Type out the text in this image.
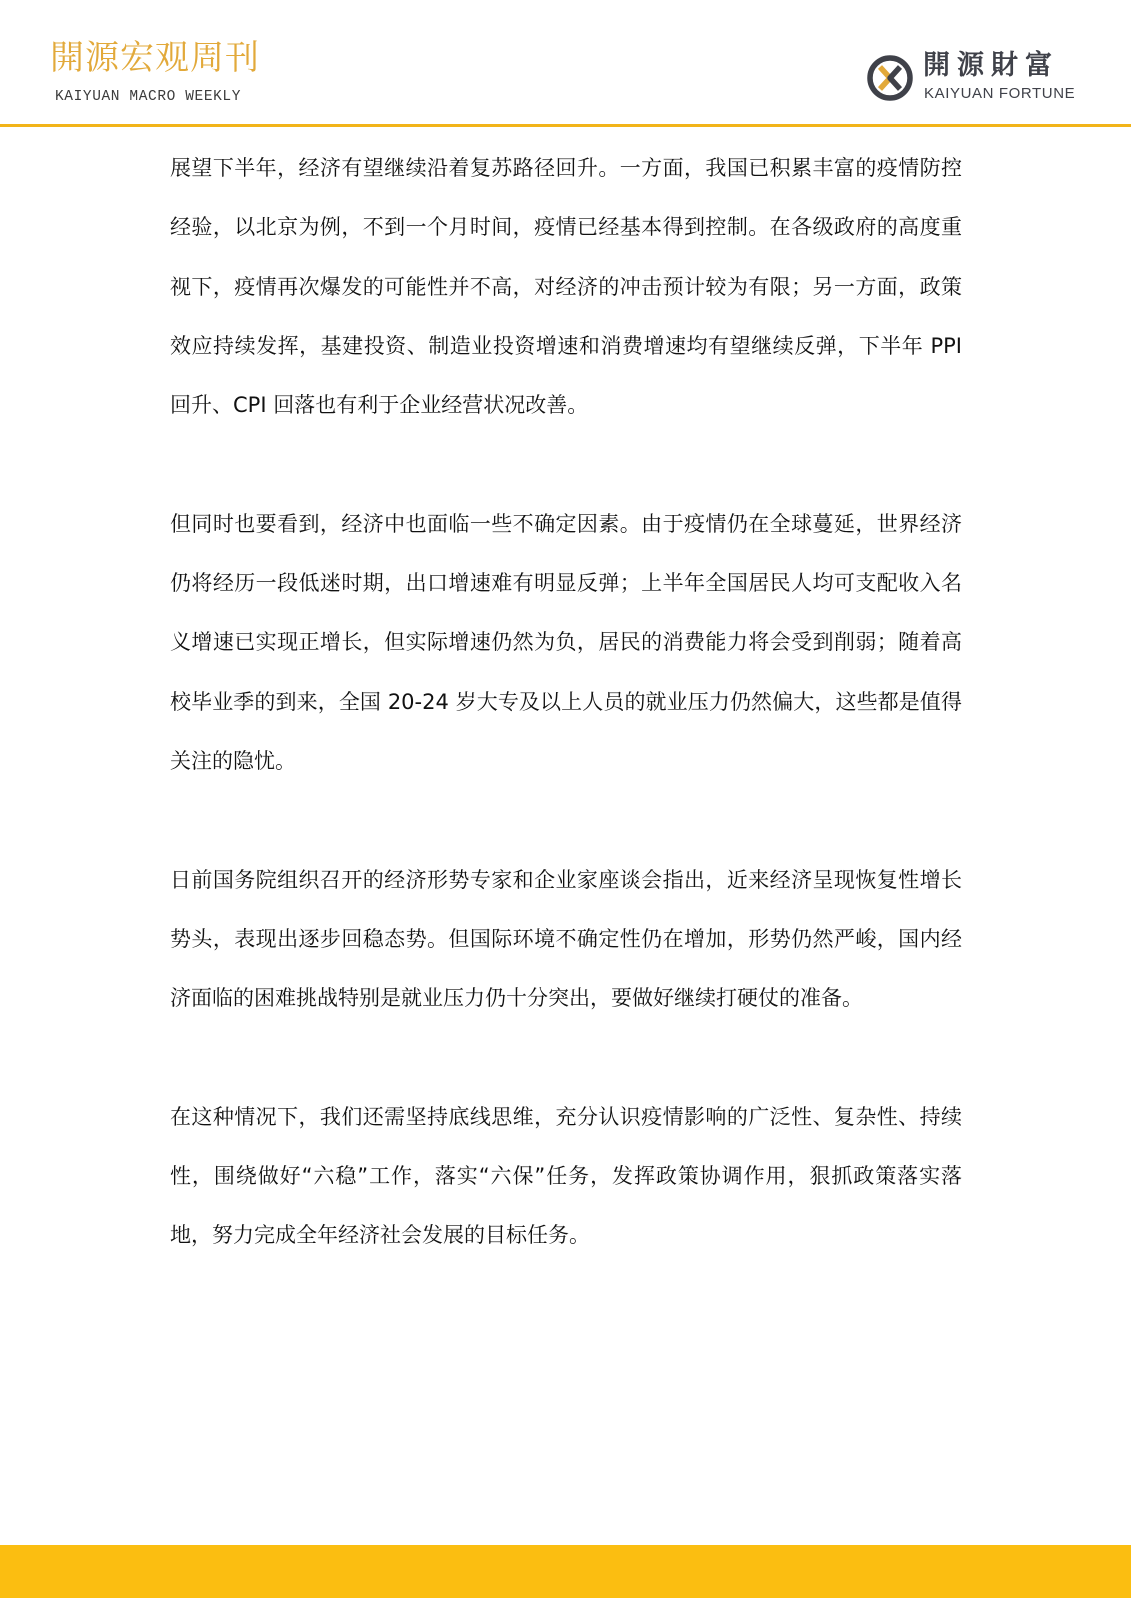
開源宏观周刊
KAIYUAN MACRO WEEKLY
開源財富
KAIYUAN FORTUNE

展望下半年，经济有望继续沿着复苏路径回升。一方面，我国已积累丰富的疫情防控经验，以北京为例，不到一个月时间，疫情已经基本得到控制。在各级政府的高度重视下，疫情再次爆发的可能性并不高，对经济的冲击预计较为有限；另一方面，政策效应持续发挥，基建投资、制造业投资增速和消费增速均有望继续反弹，下半年 PPI 回升、CPI 回落也有利于企业经营状况改善。

但同时也要看到，经济中也面临一些不确定因素。由于疫情仍在全球蔓延，世界经济仍将经历一段低迷时期，出口增速难有明显反弹；上半年全国居民人均可支配收入名义增速已实现正增长，但实际增速仍然为负，居民的消费能力将会受到削弱；随着高校毕业季的到来，全国 20-24 岁大专及以上人员的就业压力仍然偏大，这些都是值得关注的隐忧。

日前国务院组织召开的经济形势专家和企业家座谈会指出，近来经济呈现恢复性增长势头，表现出逐步回稳态势。但国际环境不确定性仍在增加，形势仍然严峻，国内经济面临的困难挑战特别是就业压力仍十分突出，要做好继续打硬仗的准备。

在这种情况下，我们还需坚持底线思维，充分认识疫情影响的广泛性、复杂性、持续性，围绕做好“六稳”工作，落实“六保”任务，发挥政策协调作用，狠抓政策落实落地，努力完成全年经济社会发展的目标任务。
